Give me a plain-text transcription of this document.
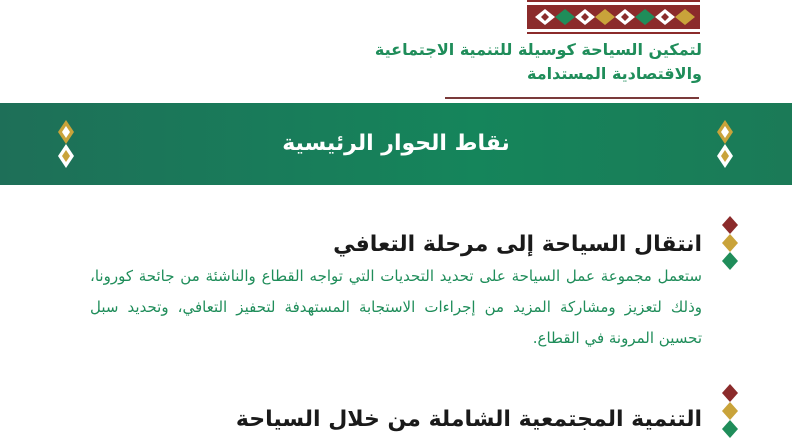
لتمكين السياحة كوسيلة للتنمية الاجتماعية
والاقتصادية المستدامة
نقاط الحوار الرئيسية
انتقال السياحة إلى مرحلة التعافي
ستعمل مجموعة عمل السياحة على تحديد التحديات التي تواجه القطاع والناشئة من جائحة كورونا، وذلك لتعزيز ومشاركة المزيد من إجراءات الاستجابة المستهدفة لتحفيز التعافي، وتحديد سبل تحسين المرونة في القطاع.
التنمية المجتمعية الشاملة من خلال السياحة
